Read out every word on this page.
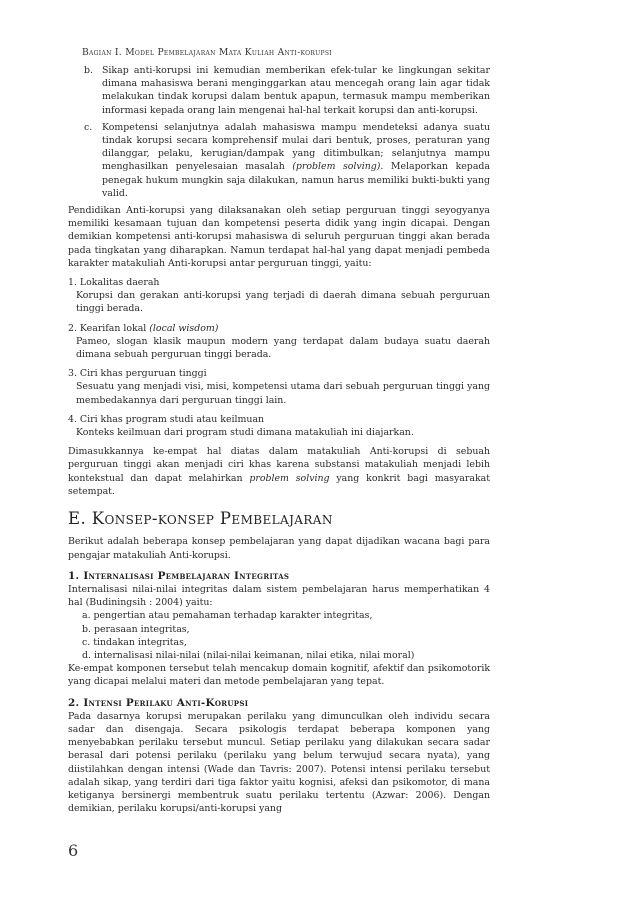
Bagian I. Model Pembelajaran Mata Kuliah Anti-korupsi
b. Sikap anti-korupsi ini kemudian memberikan efek-tular ke lingkungan sekitar dimana mahasiswa berani menginggarkan atau mencegah orang lain agar tidak melakukan tindak korupsi dalam bentuk apapun, termasuk mampu memberikan informasi kepada orang lain mengenai hal-hal terkait korupsi dan anti-korupsi.
c.	Kompetensi selanjutnya adalah mahasiswa mampu mendeteksi adanya suatu tindak korupsi secara komprehensif mulai dari bentuk, proses, peraturan yang dilanggar, pelaku, kerugian/dampak yang ditimbulkan; selanjutnya mampu menghasilkan penyelesaian masalah (problem solving). Melaporkan kepada penegak hukum mungkin saja dilakukan, namun harus memiliki bukti-bukti yang valid.

Pendidikan Anti-korupsi yang dilaksanakan oleh setiap perguruan tinggi seyogyanya memiliki kesamaan tujuan dan kompetensi peserta didik yang ingin dicapai. Dengan demikian kompetensi anti-korupsi mahasiswa di seluruh perguruan tinggi akan berada pada tingkatan yang diharapkan. Namun terdapat hal-hal yang dapat menjadi pembeda karakter matakuliah Anti-korupsi antar perguruan tinggi, yaitu:

1. Lokalitas daerah
Korupsi dan gerakan anti-korupsi yang terjadi di daerah dimana sebuah perguruan tinggi berada.
2. Kearifan lokal (local wisdom)
Pameo, slogan klasik maupun modern yang terdapat dalam budaya suatu daerah dimana sebuah perguruan tinggi berada.
3. Ciri khas perguruan tinggi
Sesuatu yang menjadi visi, misi, kompetensi utama dari sebuah perguruan tinggi yang membedakannya dari perguruan tinggi lain.
4. Ciri khas program studi atau keilmuan
Konteks keilmuan dari program studi dimana matakuliah ini diajarkan.

Dimasukkannya ke-empat hal diatas dalam matakuliah Anti-korupsi di sebuah perguruan tinggi akan menjadi ciri khas karena substansi matakuliah menjadi lebih kontekstual dan dapat melahirkan problem solving yang konkrit bagi masyarakat setempat.

E. Konsep-konsep Pembelajaran

Berikut adalah beberapa konsep pembelajaran yang dapat dijadikan wacana bagi para pengajar matakuliah Anti-korupsi.

1. Internalisasi Pembelajaran Integritas
Internalisasi nilai-nilai integritas dalam sistem pembelajaran harus memperhatikan 4 hal (Budiningsih : 2004) yaitu:
a. pengertian atau pemahaman terhadap karakter integritas,
b. perasaan integritas,
c. tindakan integritas,
d. internalisasi nilai-nilai (nilai-nilai keimanan, nilai etika, nilai moral)

Ke-empat komponen tersebut telah mencakup domain kognitif, afektif dan psikomotorik yang dicapai melalui materi dan metode pembelajaran yang tepat.

2. Intensi Perilaku Anti-Korupsi
Pada dasarnya korupsi merupakan perilaku yang dimunculkan oleh individu secara sadar dan disengaja. Secara psikologis terdapat beberapa komponen yang menyebabkan perilaku tersebut muncul. Setiap perilaku yang dilakukan secara sadar berasal dari potensi perilaku (perilaku yang belum terwujud secara nyata), yang diistilahkan dengan intensi (Wade dan Tavris: 2007). Potensi intensi perilaku tersebut adalah sikap, yang terdiri dari tiga faktor yaitu kognisi, afeksi dan psikomotor, di mana ketiganya bersinergi membentruk suatu perilaku tertentu (Azwar: 2006). Dengan demikian, perilaku korupsi/anti-korupsi yang
6
